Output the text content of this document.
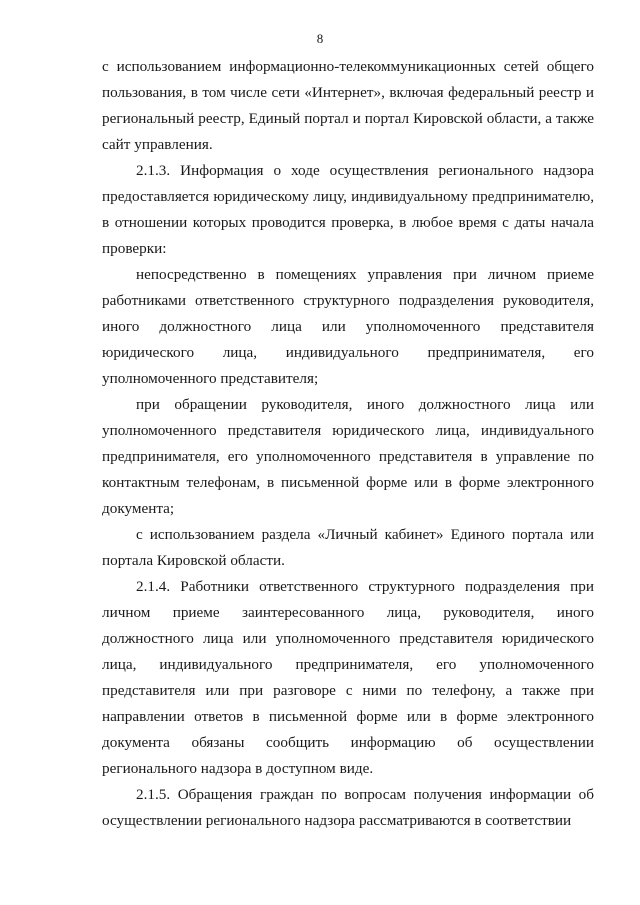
8

с использованием информационно-телекоммуникационных сетей общего пользования, в том числе сети «Интернет», включая федеральный реестр и региональный реестр, Единый портал и портал Кировской области, а также сайт управления.

2.1.3. Информация о ходе осуществления регионального надзора предоставляется юридическому лицу, индивидуальному предпринимателю, в отношении которых проводится проверка, в любое время с даты начала проверки:

непосредственно в помещениях управления при личном приеме работниками ответственного структурного подразделения руководителя, иного должностного лица или уполномоченного представителя юридического лица, индивидуального предпринимателя, его уполномоченного представителя;

при обращении руководителя, иного должностного лица или уполномоченного представителя юридического лица, индивидуального предпринимателя, его уполномоченного представителя в управление по контактным телефонам, в письменной форме или в форме электронного документа;

с использованием раздела «Личный кабинет» Единого портала или портала Кировской области.

2.1.4. Работники ответственного структурного подразделения при личном приеме заинтересованного лица, руководителя, иного должностного лица или уполномоченного представителя юридического лица, индивидуального предпринимателя, его уполномоченного представителя или при разговоре с ними по телефону, а также при направлении ответов в письменной форме или в форме электронного документа обязаны сообщить информацию об осуществлении регионального надзора в доступном виде.

2.1.5. Обращения граждан по вопросам получения информации об осуществлении регионального надзора рассматриваются в соответствии
